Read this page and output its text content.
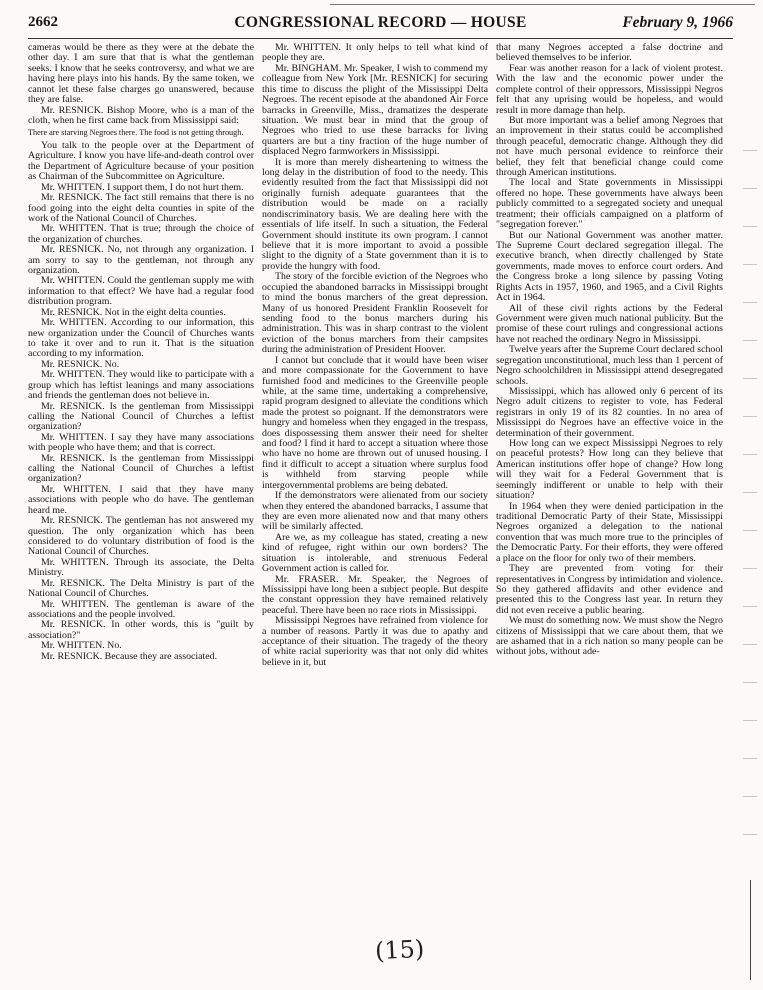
2662	CONGRESSIONAL RECORD — HOUSE	February 9, 1966

cameras would be there as they were at the debate the other day. I am sure that that is what the gentleman seeks. I know that he seeks controversy, and what we are having here plays into his hands. By the same token, we cannot let these false charges go unanswered, because they are false.

Mr. RESNICK. Bishop Moore, who is a man of the cloth, when he first came back from Mississippi said:

There are starving Negroes there. The food is not getting through.

You talk to the people over at the Department of Agriculture. I know you have life-and-death control over the Department of Agriculture because of your position as Chairman of the Subcommittee on Agriculture.

Mr. WHITTEN. I support them, I do not hurt them.

Mr. RESNICK. The fact still remains that there is no food going into the eight delta counties in spite of the work of the National Council of Churches.

Mr. WHITTEN. That is true; through the choice of the organization of churches.

Mr. RESNICK. No, not through any organization. I am sorry to say to the gentleman, not through any organization.

Mr. WHITTEN. Could the gentleman supply me with information to that effect? We have had a regular food distribution program.

Mr. RESNICK. Not in the eight delta counties.

Mr. WHITTEN. According to our information, this new organization under the Council of Churches wants to take it over and to run it. That is the situation according to my information.

Mr. RESNICK. No.

Mr. WHITTEN. They would like to participate with a group which has leftist leanings and many associations and friends the gentleman does not believe in.

Mr. RESNICK. Is the gentleman from Mississippi calling the National Council of Churches a leftist organization?

Mr. WHITTEN. I say they have many associations with people who have them; and that is correct.

Mr. RESNICK. Is the gentleman from Mississippi calling the National Council of Churches a leftist organization?

Mr. WHITTEN. I said that they have many associations with people who do have. The gentleman heard me.

Mr. RESNICK. The gentleman has not answered my question. The only organization which has been considered to do voluntary distribution of food is the National Council of Churches.

Mr. WHITTEN. Through its associate, the Delta Ministry.

Mr. RESNICK. The Delta Ministry is part of the National Council of Churches.

Mr. WHITTEN. The gentleman is aware of the associations and the people involved.

Mr. RESNICK. In other words, this is "guilt by association?"

Mr. WHITTEN. No.

Mr. RESNICK. Because they are associated.

Mr. WHITTEN. It only helps to tell what kind of people they are.

Mr. BINGHAM. Mr. Speaker, I wish to commend my colleague from New York [Mr. RESNICK] for securing this time to discuss the plight of the Mississippi Delta Negroes. The recent episode at the abandoned Air Force barracks in Greenville, Miss., dramatizes the desperate situation. We must bear in mind that the group of Negroes who tried to use these barracks for living quarters are but a tiny fraction of the huge number of displaced Negro farmworkers in Mississippi.

It is more than merely disheartening to witness the long delay in the distribution of food to the needy. This evidently resulted from the fact that Mississippi did not originally furnish adequate guarantees that the distribution would be made on a racially nondiscriminatory basis. We are dealing here with the essentials of life itself. In such a situation, the Federal Government should institute its own program. I cannot believe that it is more important to avoid a possible slight to the dignity of a State government than it is to provide the hungry with food.

The story of the forcible eviction of the Negroes who occupied the abandoned barracks in Mississippi brought to mind the bonus marchers of the great depression. Many of us honored President Franklin Roosevelt for sending food to the bonus marchers during his administration. This was in sharp contrast to the violent eviction of the bonus marchers from their campsites during the administration of President Hoover.

I cannot but conclude that it would have been wiser and more compassionate for the Government to have furnished food and medicines to the Greenville people while, at the same time, undertaking a comprehensive, rapid program designed to alleviate the conditions which made the protest so poignant. If the demonstrators were hungry and homeless when they engaged in the trespass, does dispossessing them answer their need for shelter and food? I find it hard to accept a situation where those who have no home are thrown out of unused housing. I find it difficult to accept a situation where surplus food is withheld from starving people while intergovernmental problems are being debated.

If the demonstrators were alienated from our society when they entered the abandoned barracks, I assume that they are even more alienated now and that many others will be similarly affected.

Are we, as my colleague has stated, creating a new kind of refugee, right within our own borders? The situation is intolerable, and strenuous Federal Government action is called for.

Mr. FRASER. Mr. Speaker, the Negroes of Mississippi have long been a subject people. But despite the constant oppression they have remained relatively peaceful. There have been no race riots in Mississippi.

Mississippi Negroes have refrained from violence for a number of reasons. Partly it was due to apathy and acceptance of their situation. The tragedy of the theory of white racial superiority was that not only did whites believe in it, but

that many Negroes accepted a false doctrine and believed themselves to be inferior.

Fear was another reason for a lack of violent protest. With the law and the economic power under the complete control of their oppressors, Mississippi Negros felt that any uprising would be hopeless, and would result in more damage than help.

But more important was a belief among Negroes that an improvement in their status could be accomplished through peaceful, democratic change. Although they did not have much personal evidence to reinforce their belief, they felt that beneficial change could come through American institutions.

The local and State governments in Mississippi offered no hope. These governments have always been publicly committed to a segregated society and unequal treatment; their officials campaigned on a platform of "segregation forever."

But our National Government was another matter. The Supreme Court declared segregation illegal. The executive branch, when directly challenged by State governments, made moves to enforce court orders. And the Congress broke a long silence by passing Voting Rights Acts in 1957, 1960, and 1965, and a Civil Rights Act in 1964.

All of these civil rights actions by the Federal Government were given much national publicity. But the promise of these court rulings and congressional actions have not reached the ordinary Negro in Mississippi.

Twelve years after the Supreme Court declared school segregation unconstitutional, much less than 1 percent of Negro schoolchildren in Mississippi attend desegregated schools.

Mississippi, which has allowed only 6 percent of its Negro adult citizens to register to vote, has Federal registrars in only 19 of its 82 counties. In no area of Mississippi do Negroes have an effective voice in the determination of their government.

How long can we expect Mississippi Negroes to rely on peaceful protests? How long can they believe that American institutions offer hope of change? How long will they wait for a Federal Government that is seemingly indifferent or unable to help with their situation?

In 1964 when they were denied participation in the traditional Democratic Party of their State, Mississippi Negroes organized a delegation to the national convention that was much more true to the principles of the Democratic Party. For their efforts, they were offered a place on the floor for only two of their members.

They are prevented from voting for their representatives in Congress by intimidation and violence. So they gathered affidavits and other evidence and presented this to the Congress last year. In return they did not even receive a public hearing.

We must do something now. We must show the Negro citizens of Mississippi that we care about them, that we are ashamed that in a rich nation so many people can be without jobs, without ade-

(15)
